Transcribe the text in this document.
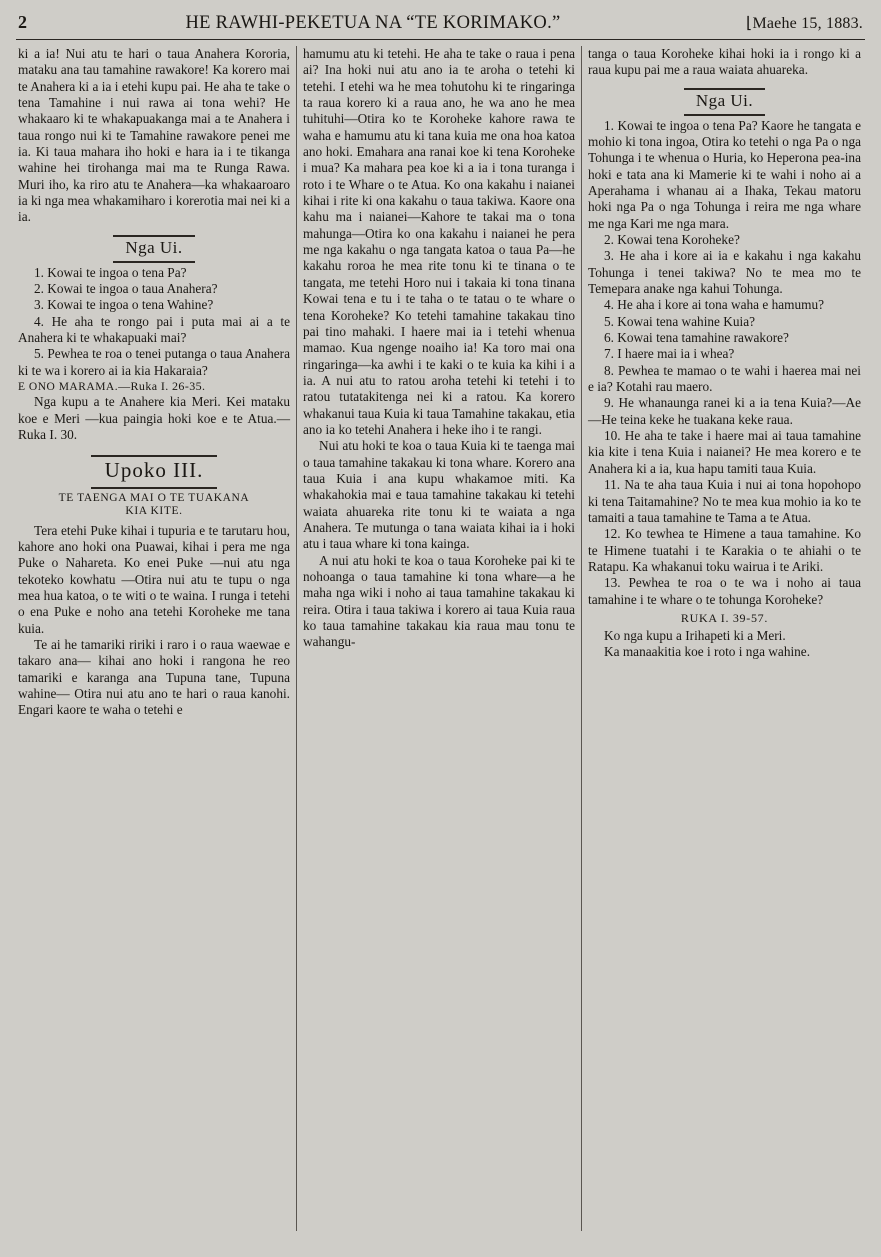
2	HE RAWHI-PEKETUA NA “TE KORIMAKO.”	⌊Maehe 15, 1883.

ki a ia! Nui atu te hari o taua Anahera Kororia, mataku ana tau tamahine rawakore! Ka korero mai te Anahera ki a ia i etehi kupu pai. He aha te take o tena Tamahine i nui rawa ai tona wehi? He whakaaro ki te whakapuakanga mai a te Anahera i taua rongo nui ki te Tamahine rawakore penei me ia. Ki taua mahara iho hoki e hara ia i te tikanga wahine hei tirohanga mai ma te Runga Rawa. Muri iho, ka riro atu te Anahera—ka whakaaroaro ia ki nga mea whakamiharo i korerotia mai nei ki a ia.

Nga Ui.

1. Kowai te ingoa o tena Pa?

2. Kowai te ingoa o taua Anahera?

3. Kowai te ingoa o tena Wahine?

4. He aha te rongo pai i puta mai ai a te Anahera ki te whakapuaki mai?

5. Pewhea te roa o tenei putanga o taua Anahera ki te wa i korero ai ia kia Hakaraia?

E ONO MARAMA.—Ruka I. 26-35.

Nga kupu a te Anahere kia Meri. Kei mataku koe e Meri —kua paingia hoki koe e te Atua.—Ruka I. 30.

Upoko III.
TE TAENGA MAI O TE TUAKANA
KIA KITE.

Tera etehi Puke kihai i tupuria e te tarutaru hou, kahore ano hoki ona Puawai, kihai i pera me nga Puke o Nahareta. Ko enei Puke —nui atu nga tekoteko kowhatu —Otira nui atu te tupu o nga mea hua katoa, o te witi o te waina. I runga i tetehi o ena Puke e noho ana tetehi Koroheke me tana kuia.

Te ai he tamariki ririki i raro i o raua waewae e takaro ana— kihai ano hoki i rangona he reo tamariki e karanga ana Tupuna tane, Tupuna wahine— Otira nui atu ano te hari o raua kanohi. Engari kaore te waha o tetehi e

hamumu atu ki tetehi. He aha te take o raua i pena ai? Ina hoki nui atu ano ia te aroha o tetehi ki tetehi. I etehi wa he mea tohutohu ki te ringaringa ta raua korero ki a raua ano, he wa ano he mea tuhituhi—Otira ko te Koroheke kahore rawa te waha e hamumu atu ki tana kuia me ona hoa katoa ano hoki. Emahara ana ranai koe ki tena Koroheke i mua? Ka mahara pea koe ki a ia i tona turanga i roto i te Whare o te Atua. Ko ona kakahu i naianei kihai i rite ki ona kakahu o taua takiwa. Kaore ona kahu ma i naianei—Kahore te takai ma o tona mahunga—Otira ko ona kakahu i naianei he pera me nga kakahu o nga tangata katoa o taua Pa—he kakahu roroa he mea rite tonu ki te tinana o te tangata, me tetehi Horo nui i takaia ki tona tinana Kowai tena e tu i te taha o te tatau o te whare o tena Koroheke? Ko tetehi tamahine takakau tino pai tino mahaki. I haere mai ia i tetehi whenua mamao. Kua ngenge noaiho ia! Ka toro mai ona ringaringa—ka awhi i te kaki o te kuia ka kihi i a ia. A nui atu to ratou aroha tetehi ki tetehi i to ratou tutatakitenga nei ki a ratou. Ka korero whakanui taua Kuia ki taua Tamahine takakau, etia ano ia ko tetehi Anahera i heke iho i te rangi.

Nui atu hoki te koa o taua Kuia ki te taenga mai o taua tamahine takakau ki tona whare. Korero ana taua Kuia i ana kupu whakamoe miti. Ka whakahokia mai e taua tamahine takakau ki tetehi waiata ahuareka rite tonu ki te waiata a nga Anahera. Te mutunga o tana waiata kihai ia i hoki atu i taua whare ki tona kainga.

A nui atu hoki te koa o taua Koroheke pai ki te nohoanga o taua tamahine ki tona whare—a he maha nga wiki i noho ai taua tamahine takakau ki reira. Otira i taua takiwa i korero ai taua Kuia raua ko taua tamahine takakau kia raua mau tonu te wahangu-

tanga o taua Koroheke kihai hoki ia i rongo ki a raua kupu pai me a raua waiata ahuareka.

Nga Ui.

1. Kowai te ingoa o tena Pa? Kaore he tangata e mohio ki tona ingoa, Otira ko tetehi o nga Pa o nga Tohunga i te whenua o Huria, ko Heperona pea-ina hoki e tata ana ki Mamerie ki te wahi i noho ai a Aperahama i whanau ai a Ihaka, Tekau matoru hoki nga Pa o nga Tohunga i reira me nga whare me nga Kari me nga mara.

2. Kowai tena Koroheke?

3. He aha i kore ai ia e kakahu i nga kakahu Tohunga i tenei takiwa? No te mea mo te Temepara anake nga kahui Tohunga.

4. He aha i kore ai tona waha e hamumu?

5. Kowai tena wahine Kuia?

6. Kowai tena tamahine rawakore?

7. I haere mai ia i whea?

8. Pewhea te mamao o te wahi i haerea mai nei e ia? Kotahi rau maero.

9. He whanaunga ranei ki a ia tena Kuia?—Ae—He teina keke he tuakana keke raua.

10. He aha te take i haere mai ai taua tamahine kia kite i tena Kuia i naianei? He mea korero e te Anahera ki a ia, kua hapu tamiti taua Kuia.

11. Na te aha taua Kuia i nui ai tona hopohopo ki tena Taitamahine? No te mea kua mohio ia ko te tamaiti a taua tamahine te Tama a te Atua.

12. Ko tewhea te Himene a taua tamahine. Ko te Himene tuatahi i te Karakia o te ahiahi o te Ratapu. Ka whakanui toku wairua i te Ariki.

13. Pewhea te roa o te wa i noho ai taua tamahine i te whare o te tohunga Koroheke?

RUKA I. 39-57.

Ko nga kupu a Irihapeti ki a Meri.

Ka manaakitia koe i roto i nga wahine.
